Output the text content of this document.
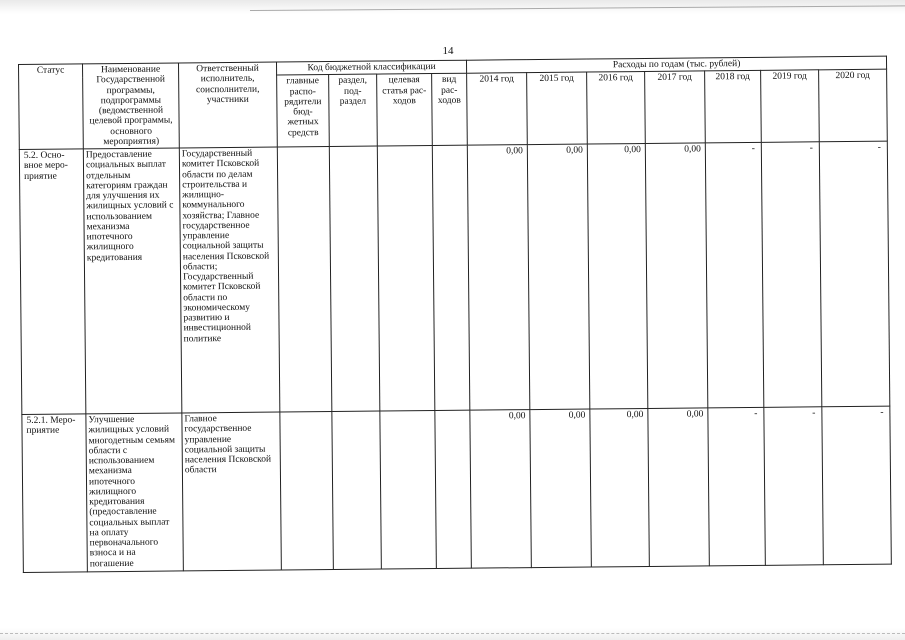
14
Статус	Наименование Государственной программы, подпрограммы (ведомственной целевой программы, основного мероприятия)	Ответственный исполнитель, соисполнители, участники	Код бюджетной классификации				Расходы по годам (тыс. рублей)						
			главные распо-рядители бюд-жетных средств	раздел, под-раздел	целевая статья рас-ходов	вид рас-ходов	2014 год	2015 год	2016 год	2017 год	2018 год	2019 год	2020 год
5.2. Осно-вное меро-приятие	Предоставление социальных выплат отдельным категориям граждан для улучшения их жилищных условий с использованием механизма ипотечного жилищного кредитования	Государственный комитет Псковской области по делам строительства и жилищно-коммунального хозяйства; Главное государственное управление социальной защиты населения Псковской области; Государственный комитет Псковской области по экономическому развитию и инвестиционной политике					0,00	0,00	0,00	0,00	-	-	-
5.2.1. Меро-приятие	Улучшение жилищных условий многодетным семьям области с использованием механизма ипотечного жилищного кредитования (предоставление социальных выплат на оплату первоначального взноса и на погашение	Главное государственное управление социальной защиты населения Псковской области					0,00	0,00	0,00	0,00	-	-	-
